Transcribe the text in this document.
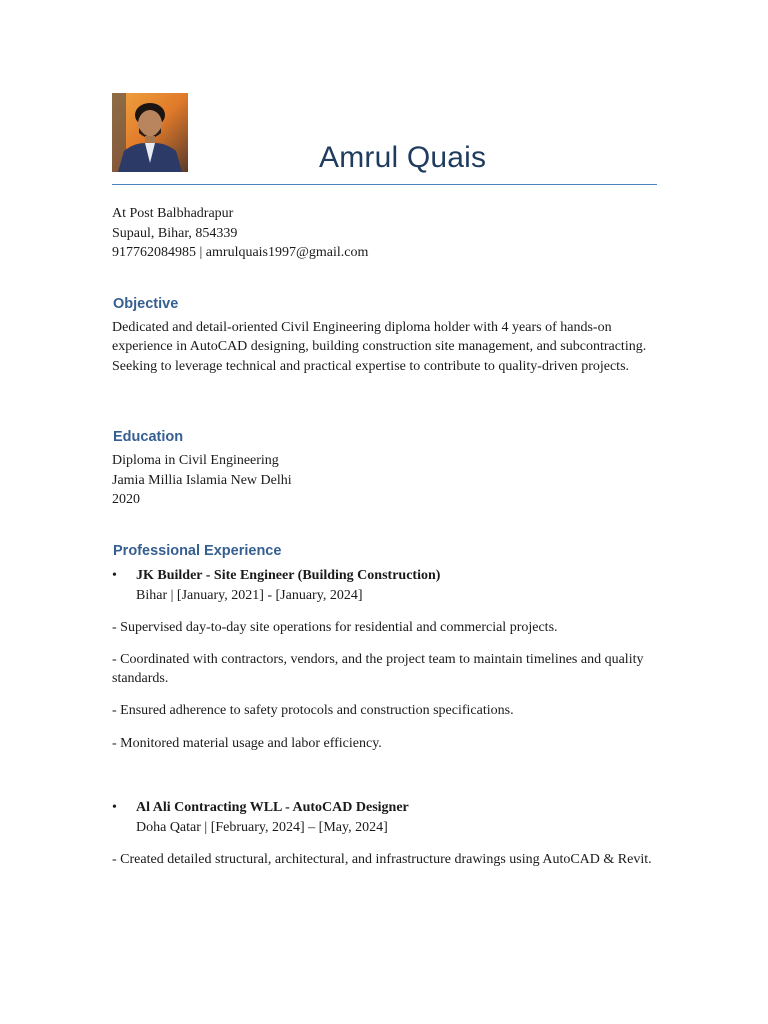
Amrul Quais
At Post Balbhadrapur
Supaul, Bihar, 854339
917762084985 | amrulquais1997@gmail.com
Objective
Dedicated and detail-oriented Civil Engineering diploma holder with 4 years of hands-on experience in AutoCAD designing, building construction site management, and subcontracting. Seeking to leverage technical and practical expertise to contribute to quality-driven projects.
Education
Diploma in Civil Engineering
Jamia Millia Islamia New Delhi
2020
Professional Experience
• JK Builder - Site Engineer (Building Construction)
Bihar | [January, 2021] - [January, 2024]
- Supervised day-to-day site operations for residential and commercial projects.
- Coordinated with contractors, vendors, and the project team to maintain timelines and quality standards.
- Ensured adherence to safety protocols and construction specifications.
- Monitored material usage and labor efficiency.
• Al Ali Contracting WLL - AutoCAD Designer
Doha Qatar | [February, 2024] – [May, 2024]
- Created detailed structural, architectural, and infrastructure drawings using AutoCAD & Revit.
